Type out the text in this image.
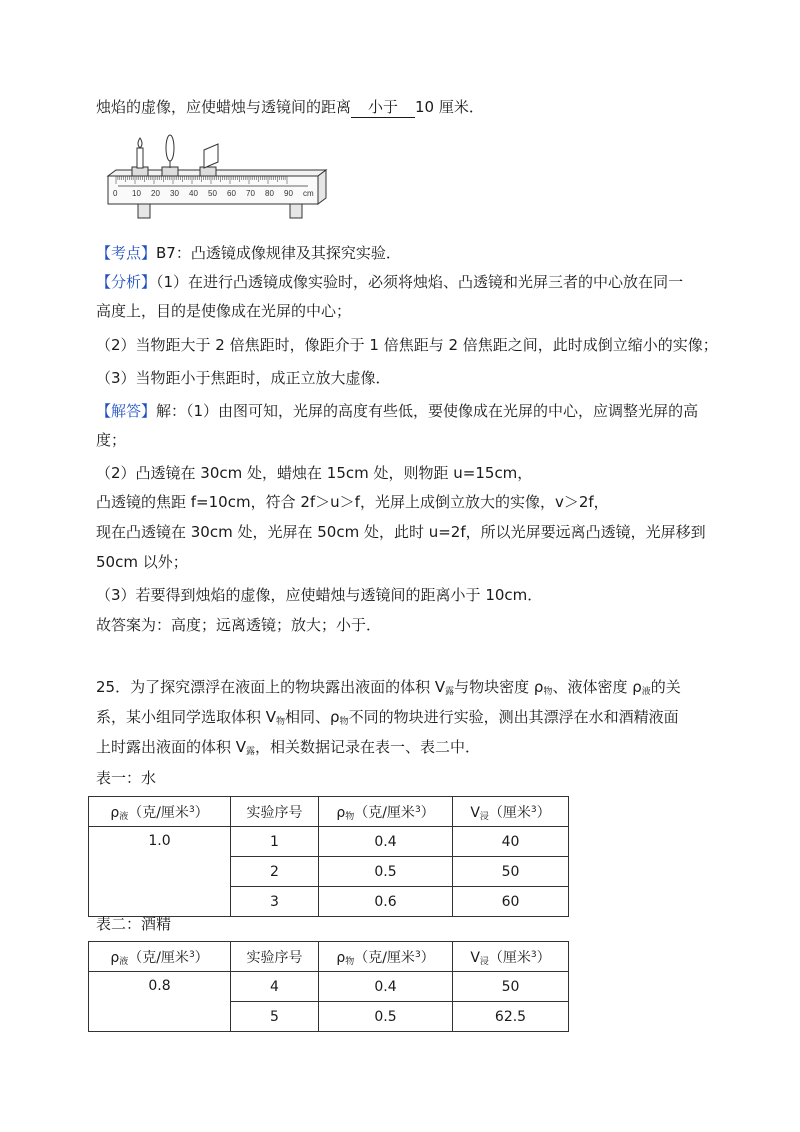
烛焰的虚像，应使蜡烛与透镜间的距离 小于 10 厘米．
0 10 20 30 40 50 60 70 80 90 cm
【考点】B7：凸透镜成像规律及其探究实验．
【分析】（1）在进行凸透镜成像实验时，必须将烛焰、凸透镜和光屏三者的中心放在同一
高度上，目的是使像成在光屏的中心；
（2）当物距大于 2 倍焦距时，像距介于 1 倍焦距与 2 倍焦距之间，此时成倒立缩小的实像；
（3）当物距小于焦距时，成正立放大虚像．
【解答】解：（1）由图可知，光屏的高度有些低，要使像成在光屏的中心，应调整光屏的高
度；
（2）凸透镜在 30cm 处，蜡烛在 15cm 处，则物距 u=15cm，
凸透镜的焦距 f=10cm，符合 2f＞u＞f，光屏上成倒立放大的实像，v＞2f，
现在凸透镜在 30cm 处，光屏在 50cm 处，此时 u=2f，所以光屏要远离凸透镜，光屏移到
50cm 以外；
（3）若要得到烛焰的虚像，应使蜡烛与透镜间的距离小于 10cm．
故答案为：高度；远离透镜；放大；小于．
25．为了探究漂浮在液面上的物块露出液面的体积 $V_露$与物块密度 $\rho_物$、液体密度 $\rho_液$的关
系，某小组同学选取体积 $V_物$相同、$\rho_物$不同的物块进行实验，测出其漂浮在水和酒精液面
上时露出液面的体积 $V_露$，相关数据记录在表一、表二中．
表一：水
$\rho_液$（克/厘米$^3$）	实验序号	$\rho_物$（克/厘米$^3$）	$V_浸$（厘米$^3$）
1.0	1	0.4	40
	2	0.5	50
	3	0.6	60
表二：酒精
$\rho_液$（克/厘米$^3$）	实验序号	$\rho_物$（克/厘米$^3$）	$V_浸$（厘米$^3$）
0.8	4	0.4	50
	5	0.5	62.5
